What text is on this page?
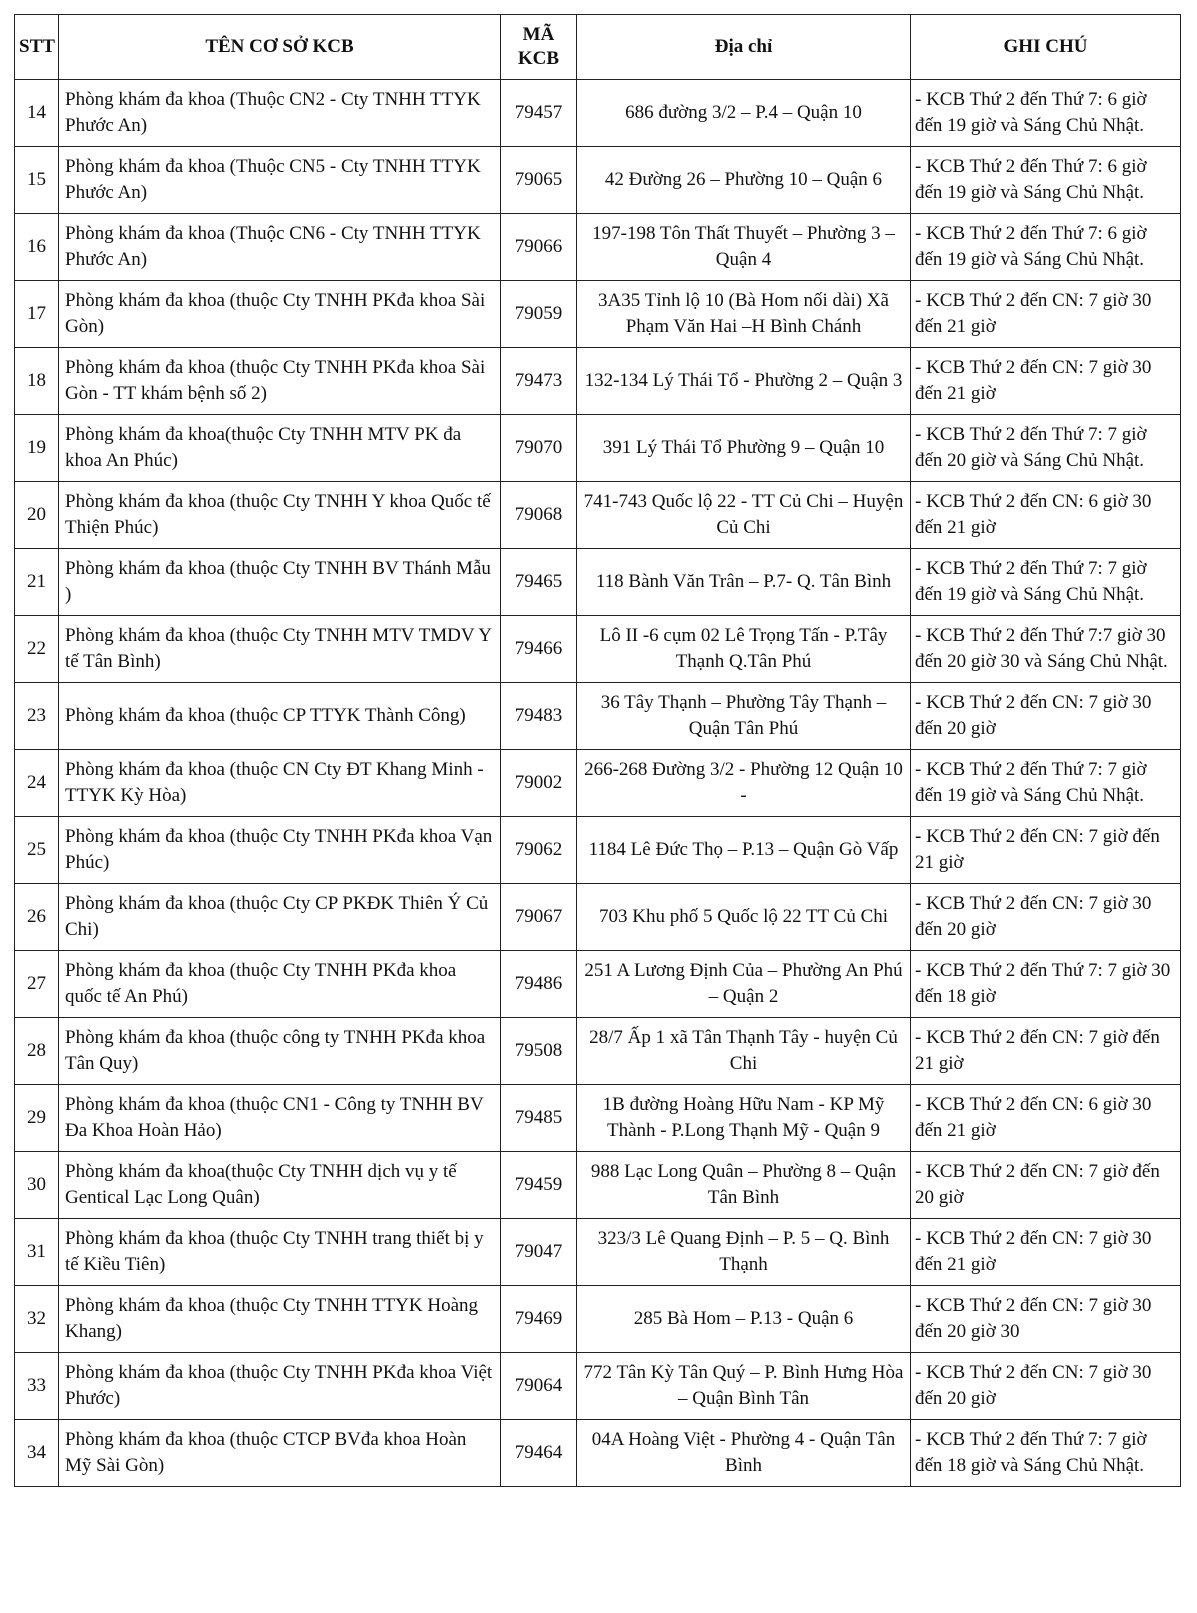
STT	TÊN CƠ SỞ KCB	MÃ KCB	Địa chỉ	GHI CHÚ
14	Phòng khám đa khoa (Thuộc CN2 - Cty TNHH TTYK Phước An)	79457	686 đường 3/2 – P.4 – Quận 10	- KCB Thứ 2 đến Thứ 7: 6 giờ đến 19 giờ và Sáng Chủ Nhật.
15	Phòng khám đa khoa (Thuộc CN5 - Cty TNHH TTYK Phước An)	79065	42 Đường 26 – Phường 10 – Quận 6	- KCB Thứ 2 đến Thứ 7: 6 giờ đến 19 giờ và Sáng Chủ Nhật.
16	Phòng khám đa khoa (Thuộc CN6 - Cty TNHH TTYK Phước An)	79066	197-198 Tôn Thất Thuyết – Phường 3 – Quận 4	- KCB Thứ 2 đến Thứ 7: 6 giờ đến 19 giờ và Sáng Chủ Nhật.
17	Phòng khám đa khoa (thuộc Cty TNHH PKđa khoa Sài Gòn)	79059	3A35 Tỉnh lộ 10 (Bà Hom nối dài) Xã Phạm Văn Hai –H Bình Chánh	- KCB Thứ 2 đến CN: 7 giờ 30 đến 21 giờ
18	Phòng khám đa khoa (thuộc Cty TNHH PKđa khoa Sài Gòn - TT khám bệnh số 2)	79473	132-134 Lý Thái Tổ - Phường 2 – Quận 3	- KCB Thứ 2 đến CN: 7 giờ 30 đến 21 giờ
19	Phòng khám đa khoa(thuộc Cty TNHH MTV PK đa khoa An Phúc)	79070	391 Lý Thái Tổ Phường 9 – Quận 10	- KCB Thứ 2 đến Thứ 7: 7 giờ đến 20 giờ và Sáng Chủ Nhật.
20	Phòng khám đa khoa (thuộc Cty TNHH Y khoa Quốc tế Thiện Phúc)	79068	741-743 Quốc lộ 22 - TT Củ Chi – Huyện Củ Chi	- KCB Thứ 2 đến CN: 6 giờ 30 đến 21 giờ
21	Phòng khám đa khoa (thuộc Cty TNHH BV Thánh Mẫu )	79465	118 Bành Văn Trân – P.7- Q. Tân Bình	- KCB Thứ 2 đến Thứ 7: 7 giờ đến 19 giờ và Sáng Chủ Nhật.
22	Phòng khám đa khoa (thuộc Cty TNHH MTV TMDV Y tế Tân Bình)	79466	Lô II -6 cụm 02 Lê Trọng Tấn - P.Tây Thạnh Q.Tân Phú	- KCB Thứ 2 đến Thứ 7:7 giờ 30 đến 20 giờ 30 và Sáng Chủ Nhật.
23	Phòng khám đa khoa (thuộc CP TTYK Thành Công)	79483	36 Tây Thạnh – Phường Tây Thạnh – Quận Tân Phú	- KCB Thứ 2 đến CN: 7 giờ 30 đến 20 giờ
24	Phòng khám đa khoa (thuộc CN Cty ĐT Khang Minh - TTYK Kỳ Hòa)	79002	266-268 Đường 3/2 - Phường 12 Quận 10 -	- KCB Thứ 2 đến Thứ 7: 7 giờ đến 19 giờ và Sáng Chủ Nhật.
25	Phòng khám đa khoa (thuộc Cty TNHH PKđa khoa Vạn Phúc)	79062	1184 Lê Đức Thọ – P.13 – Quận Gò Vấp	- KCB Thứ 2 đến CN: 7 giờ đến 21 giờ
26	Phòng khám đa khoa (thuộc Cty CP PKĐK Thiên Ý Củ Chi)	79067	703 Khu phố 5 Quốc lộ 22 TT Củ Chi	- KCB Thứ 2 đến CN: 7 giờ 30 đến 20 giờ
27	Phòng khám đa khoa (thuộc Cty TNHH PKđa khoa quốc tế An Phú)	79486	251 A Lương Định Của – Phường An Phú – Quận 2	- KCB Thứ 2 đến Thứ 7: 7 giờ 30 đến 18 giờ
28	Phòng khám đa khoa (thuộc công ty TNHH PKđa khoa Tân Quy)	79508	28/7 Ấp 1 xã Tân Thạnh Tây - huyện Củ Chi	- KCB Thứ 2 đến CN: 7 giờ đến 21 giờ
29	Phòng khám đa khoa (thuộc CN1 - Công ty TNHH BV Đa Khoa Hoàn Hảo)	79485	1B đường Hoàng Hữu Nam - KP Mỹ Thành - P.Long Thạnh Mỹ - Quận 9	- KCB Thứ 2 đến CN: 6 giờ 30 đến 21 giờ
30	Phòng khám đa khoa(thuộc Cty TNHH dịch vụ y tế Gentical Lạc Long Quân)	79459	988 Lạc Long Quân – Phường 8 – Quận Tân Bình	- KCB Thứ 2 đến CN: 7 giờ đến 20 giờ
31	Phòng khám đa khoa (thuộc Cty TNHH trang thiết bị y tế Kiều Tiên)	79047	323/3 Lê Quang Định – P. 5 – Q. Bình Thạnh	- KCB Thứ 2 đến CN: 7 giờ 30 đến 21 giờ
32	Phòng khám đa khoa (thuộc Cty TNHH TTYK Hoàng Khang)	79469	285 Bà Hom – P.13 - Quận 6	- KCB Thứ 2 đến CN: 7 giờ 30 đến 20 giờ 30
33	Phòng khám đa khoa (thuộc Cty TNHH PKđa khoa Việt Phước)	79064	772 Tân Kỳ Tân Quý – P. Bình Hưng Hòa – Quận Bình Tân	- KCB Thứ 2 đến CN: 7 giờ 30 đến 20 giờ
34	Phòng khám đa khoa (thuộc CTCP BVđa khoa Hoàn Mỹ Sài Gòn)	79464	04A Hoàng Việt - Phường 4 - Quận Tân Bình	- KCB Thứ 2 đến Thứ 7: 7 giờ đến 18 giờ và Sáng Chủ Nhật.
